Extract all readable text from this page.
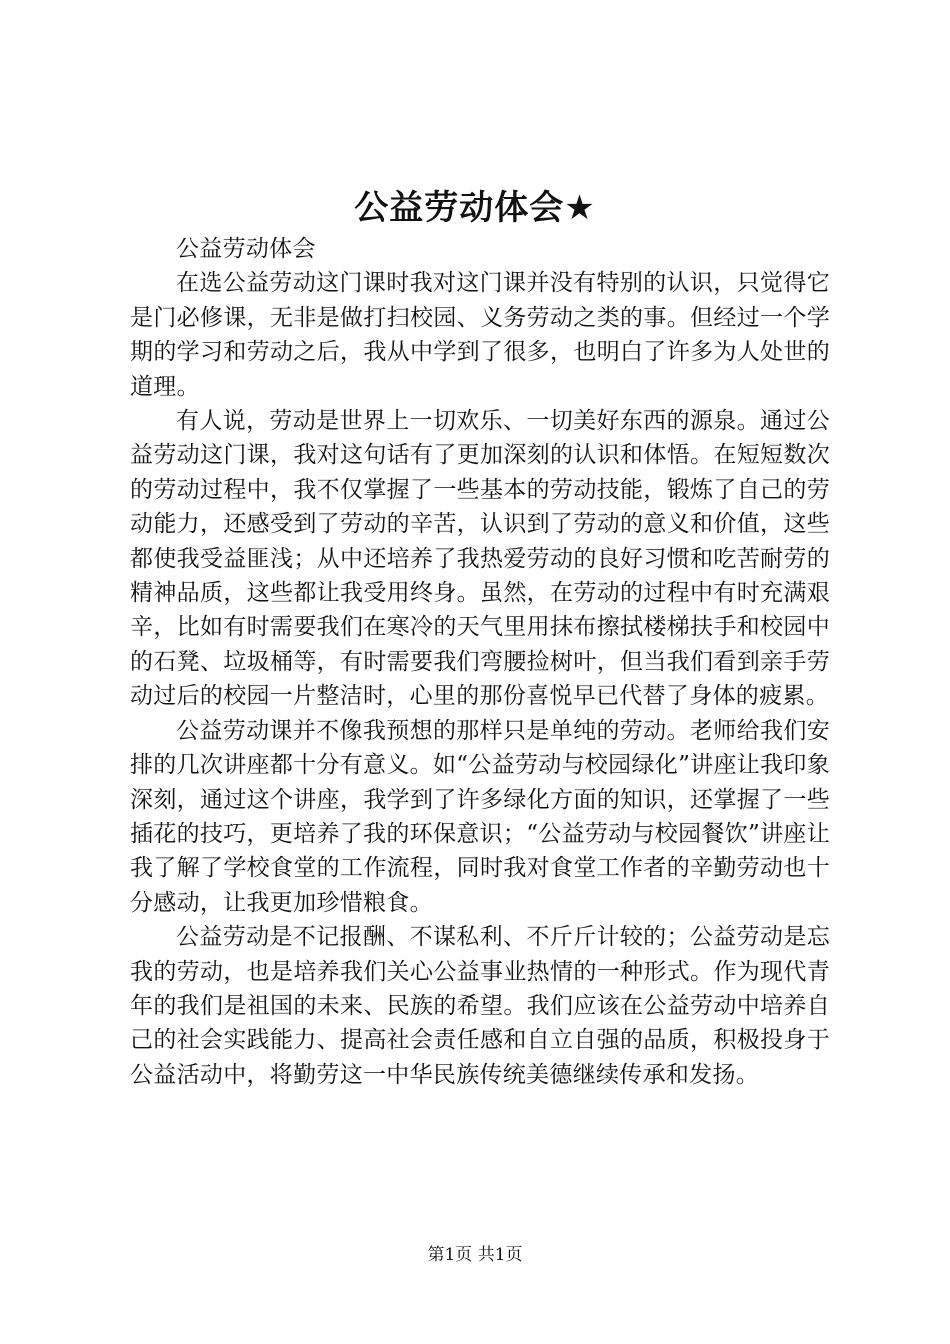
公益劳动体会★

公益劳动体会

在选公益劳动这门课时我对这门课并没有特别的认识，只觉得它是门必修课，无非是做打扫校园、义务劳动之类的事。但经过一个学期的学习和劳动之后，我从中学到了很多，也明白了许多为人处世的道理。

有人说，劳动是世界上一切欢乐、一切美好东西的源泉。通过公益劳动这门课，我对这句话有了更加深刻的认识和体悟。在短短数次的劳动过程中，我不仅掌握了一些基本的劳动技能，锻炼了自己的劳动能力，还感受到了劳动的辛苦，认识到了劳动的意义和价值，这些都使我受益匪浅；从中还培养了我热爱劳动的良好习惯和吃苦耐劳的精神品质，这些都让我受用终身。虽然，在劳动的过程中有时充满艰辛，比如有时需要我们在寒冷的天气里用抹布擦拭楼梯扶手和校园中的石凳、垃圾桶等，有时需要我们弯腰捡树叶，但当我们看到亲手劳动过后的校园一片整洁时，心里的那份喜悦早已代替了身体的疲累。

公益劳动课并不像我预想的那样只是单纯的劳动。老师给我们安排的几次讲座都十分有意义。如“公益劳动与校园绿化”讲座让我印象深刻，通过这个讲座，我学到了许多绿化方面的知识，还掌握了一些插花的技巧，更培养了我的环保意识；“公益劳动与校园餐饮”讲座让我了解了学校食堂的工作流程，同时我对食堂工作者的辛勤劳动也十分感动，让我更加珍惜粮食。

公益劳动是不记报酬、不谋私利、不斤斤计较的；公益劳动是忘我的劳动，也是培养我们关心公益事业热情的一种形式。作为现代青年的我们是祖国的未来、民族的希望。我们应该在公益劳动中培养自己的社会实践能力、提高社会责任感和自立自强的品质，积极投身于公益活动中，将勤劳这一中华民族传统美德继续传承和发扬。

第1页 共1页
